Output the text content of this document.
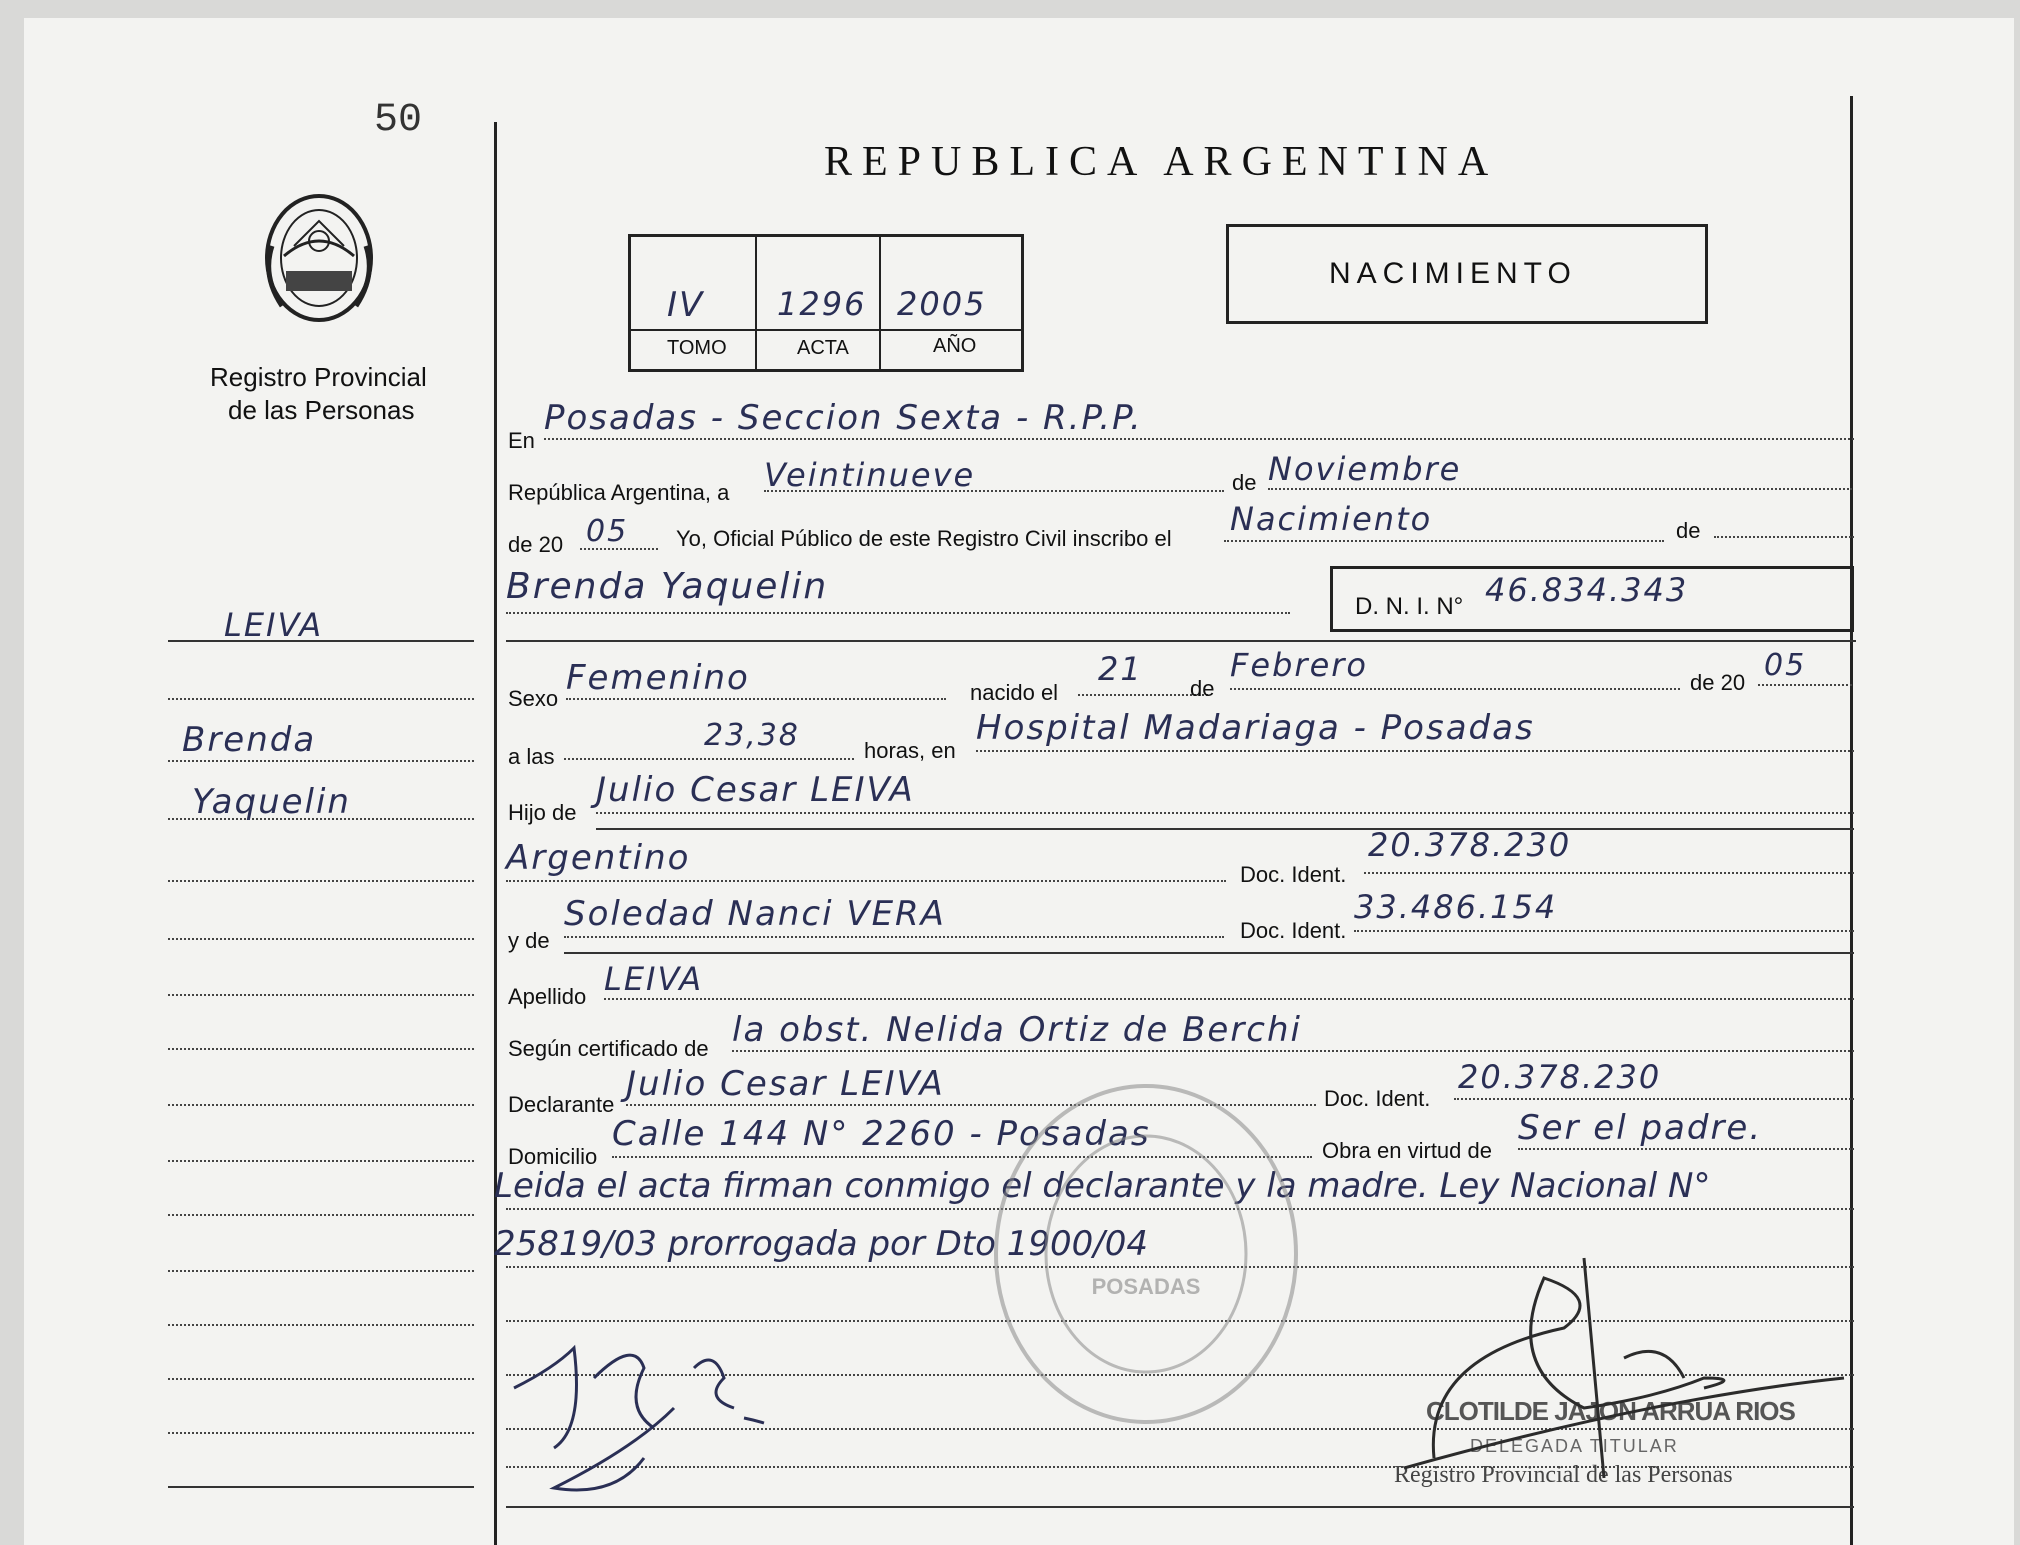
50
Registro Provincial
de las Personas
REPUBLICA ARGENTINA
IV 1296 2005
TOMO	ACTA	AÑO
NACIMIENTO
LEIVA
Brenda
Yaquelin
En
Posadas - Seccion Sexta - R.P.P.
República Argentina, a Veintinueve	de Noviembre
de 20 05 Yo, Oficial Público de este Registro Civil inscribo el
Nacimiento	de
Brenda Yaquelin	D. N. I. N° 46.834.343
Sexo
Femenino	nacido el
21
de
Febrero	de 20 05
a las
23,38	horas, en
Hospital Madariaga - Posadas
Hijo de
Julio Cesar LEIVA
Argentino	Doc. Ident.
20.378.230
y de
Soledad Nanci VERA	Doc. Ident.
33.486.154
Apellido LEIVA
Según certificado de la obst. Nelida Ortiz de Berchi
Declarante
Julio Cesar LEIVA	Doc. Ident.
20.378.230
Domicilio
Calle 144 N° 2260 - Posadas	Obra en virtud de
Ser el padre.
Leida el acta firman conmigo el declarante y la madre. Ley Nacional N°
25819/03 prorrogada por Dto 1900/04
POSADAS
CLOTILDE JAJON ARRUA RIOS
DELEGADA TITULAR
Registro Provincial de las Personas
